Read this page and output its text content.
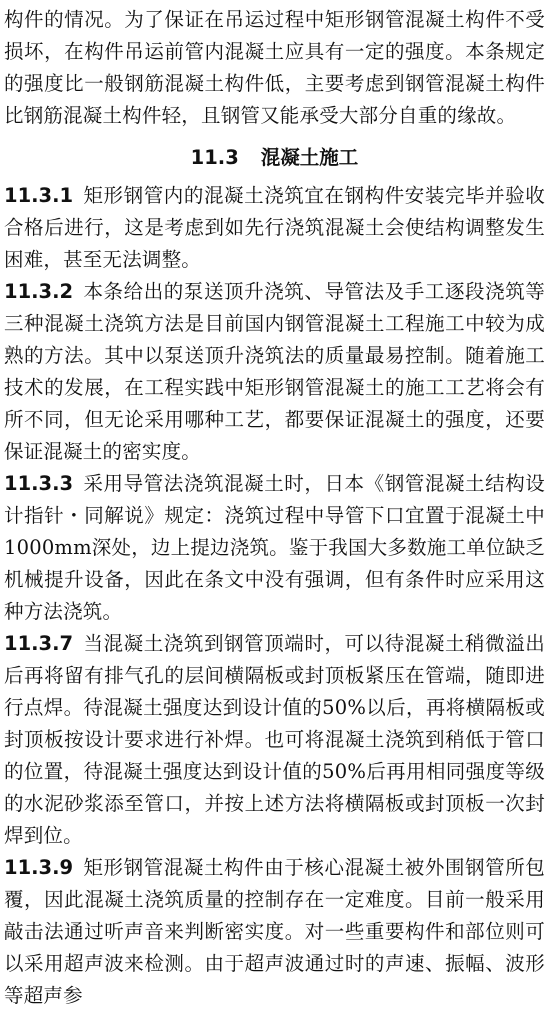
构件的情况。为了保证在吊运过程中矩形钢管混凝土构件不受损坏，在构件吊运前管内混凝土应具有一定的强度。本条规定的强度比一般钢筋混凝土构件低，主要考虑到钢管混凝土构件比钢筋混凝土构件轻，且钢管又能承受大部分自重的缘故。

11.3 混凝土施工

11.3.1 矩形钢管内的混凝土浇筑宜在钢构件安装完毕并验收合格后进行，这是考虑到如先行浇筑混凝土会使结构调整发生困难，甚至无法调整。

11.3.2 本条给出的泵送顶升浇筑、导管法及手工逐段浇筑等三种混凝土浇筑方法是目前国内钢管混凝土工程施工中较为成熟的方法。其中以泵送顶升浇筑法的质量最易控制。随着施工技术的发展，在工程实践中矩形钢管混凝土的施工工艺将会有所不同，但无论采用哪种工艺，都要保证混凝土的强度，还要保证混凝土的密实度。

11.3.3 采用导管法浇筑混凝土时，日本《钢管混凝土结构设计指针・同解说》规定：浇筑过程中导管下口宜置于混凝土中1000mm深处，边上提边浇筑。鉴于我国大多数施工单位缺乏机械提升设备，因此在条文中没有强调，但有条件时应采用这种方法浇筑。

11.3.7 当混凝土浇筑到钢管顶端时，可以待混凝土稍微溢出后再将留有排气孔的层间横隔板或封顶板紧压在管端，随即进行点焊。待混凝土强度达到设计值的50%以后，再将横隔板或封顶板按设计要求进行补焊。也可将混凝土浇筑到稍低于管口的位置，待混凝土强度达到设计值的50%后再用相同强度等级的水泥砂浆添至管口，并按上述方法将横隔板或封顶板一次封焊到位。

11.3.9 矩形钢管混凝土构件由于核心混凝土被外围钢管所包覆，因此混凝土浇筑质量的控制存在一定难度。目前一般采用敲击法通过听声音来判断密实度。对一些重要构件和部位则可以采用超声波来检测。由于超声波通过时的声速、振幅、波形等超声参
